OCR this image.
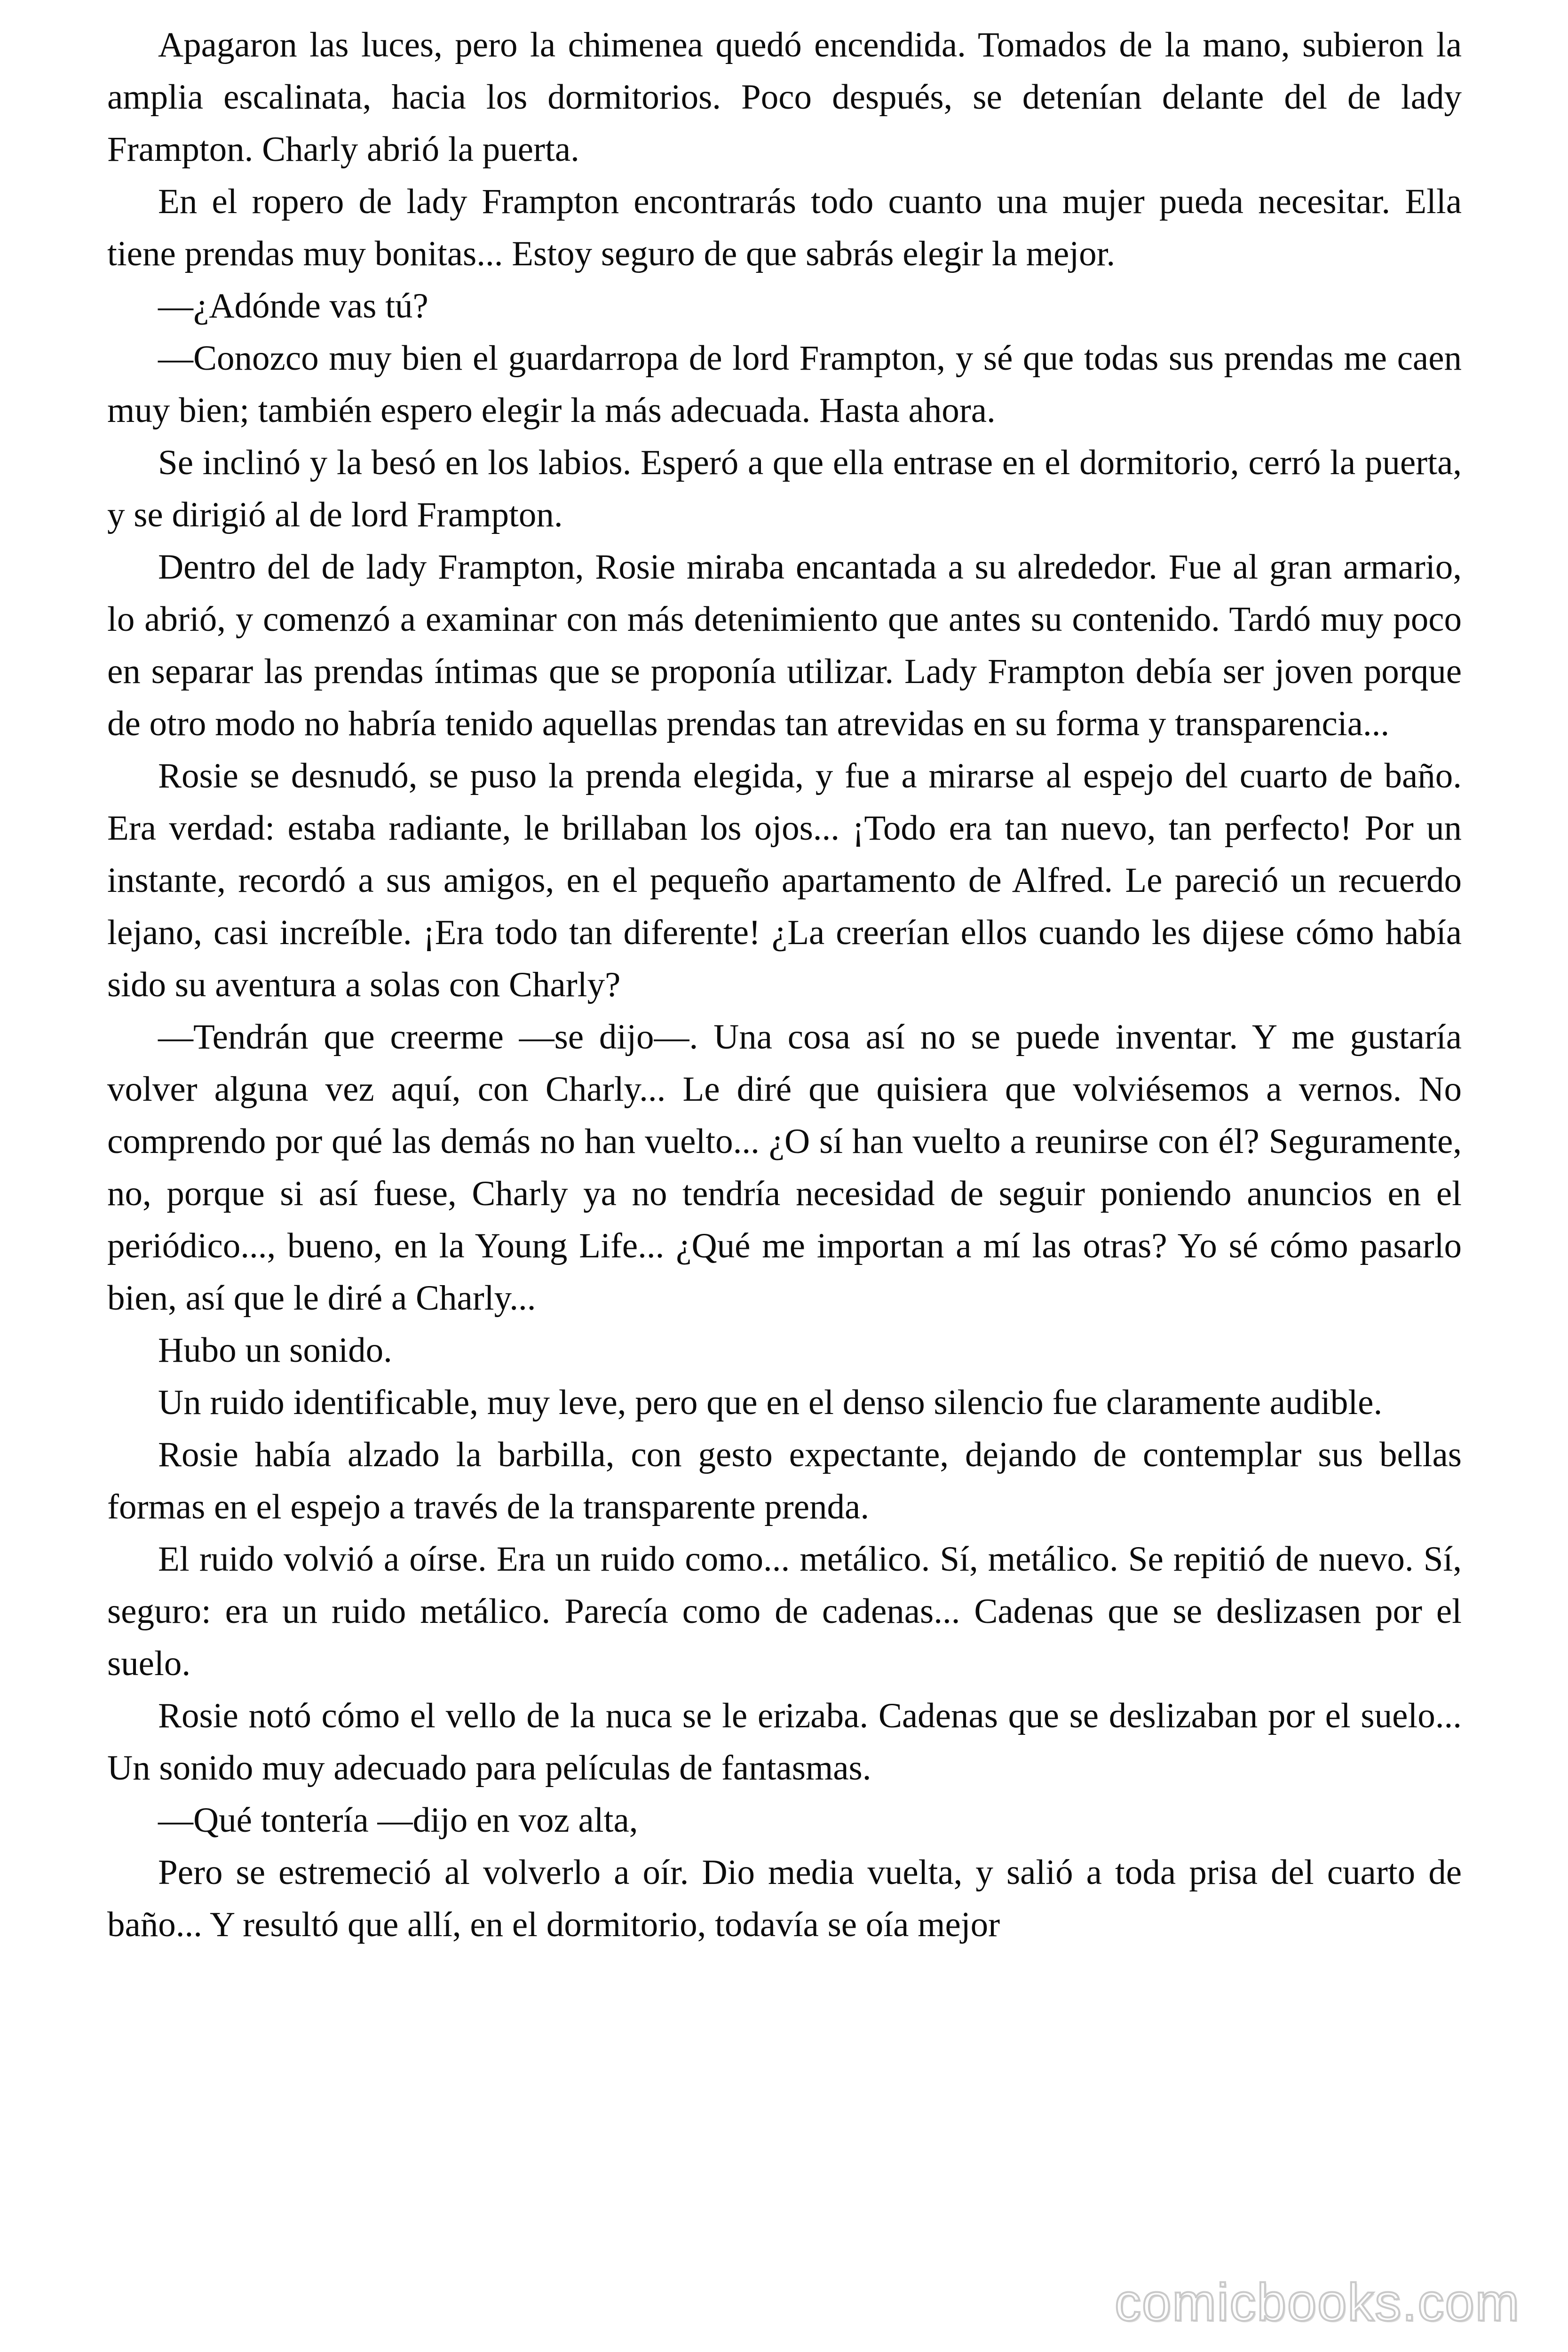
Apagaron las luces, pero la chimenea quedó encendida. Tomados de la mano, subieron la amplia escalinata, hacia los dormitorios. Poco después, se detenían delante del de lady Frampton. Charly abrió la puerta.

En el ropero de lady Frampton encontrarás todo cuanto una mujer pueda necesitar. Ella tiene prendas muy bonitas... Estoy seguro de que sabrás elegir la mejor.

—¿Adónde vas tú?

—Conozco muy bien el guardarropa de lord Frampton, y sé que todas sus prendas me caen muy bien; también espero elegir la más adecuada. Hasta ahora.

Se inclinó y la besó en los labios. Esperó a que ella entrase en el dormitorio, cerró la puerta, y se dirigió al de lord Frampton.

Dentro del de lady Frampton, Rosie miraba encantada a su alrededor. Fue al gran armario, lo abrió, y comenzó a examinar con más detenimiento que antes su contenido. Tardó muy poco en separar las prendas íntimas que se proponía utilizar. Lady Frampton debía ser joven porque de otro modo no habría tenido aquellas prendas tan atrevidas en su forma y transparencia...

Rosie se desnudó, se puso la prenda elegida, y fue a mirarse al espejo del cuarto de baño. Era verdad: estaba radiante, le brillaban los ojos... ¡Todo era tan nuevo, tan perfecto! Por un instante, recordó a sus amigos, en el pequeño apartamento de Alfred. Le pareció un recuerdo lejano, casi increíble. ¡Era todo tan diferente! ¿La creerían ellos cuando les dijese cómo había sido su aventura a solas con Charly?

—Tendrán que creerme —se dijo—. Una cosa así no se puede inventar. Y me gustaría volver alguna vez aquí, con Charly... Le diré que quisiera que volviésemos a vernos. No comprendo por qué las demás no han vuelto... ¿O sí han vuelto a reunirse con él? Seguramente, no, porque si así fuese, Charly ya no tendría necesidad de seguir poniendo anuncios en el periódico..., bueno, en la Young Life... ¿Qué me importan a mí las otras? Yo sé cómo pasarlo bien, así que le diré a Charly...

Hubo un sonido.

Un ruido identificable, muy leve, pero que en el denso silencio fue claramente audible.

Rosie había alzado la barbilla, con gesto expectante, dejando de contemplar sus bellas formas en el espejo a través de la transparente prenda.

El ruido volvió a oírse. Era un ruido como... metálico. Sí, metálico. Se repitió de nuevo. Sí, seguro: era un ruido metálico. Parecía como de cadenas... Cadenas que se deslizasen por el suelo.

Rosie notó cómo el vello de la nuca se le erizaba. Cadenas que se deslizaban por el suelo... Un sonido muy adecuado para películas de fantasmas.

—Qué tontería —dijo en voz alta,

Pero se estremeció al volverlo a oír. Dio media vuelta, y salió a toda prisa del cuarto de baño... Y resultó que allí, en el dormitorio, todavía se oía mejor

comicbooks.com
